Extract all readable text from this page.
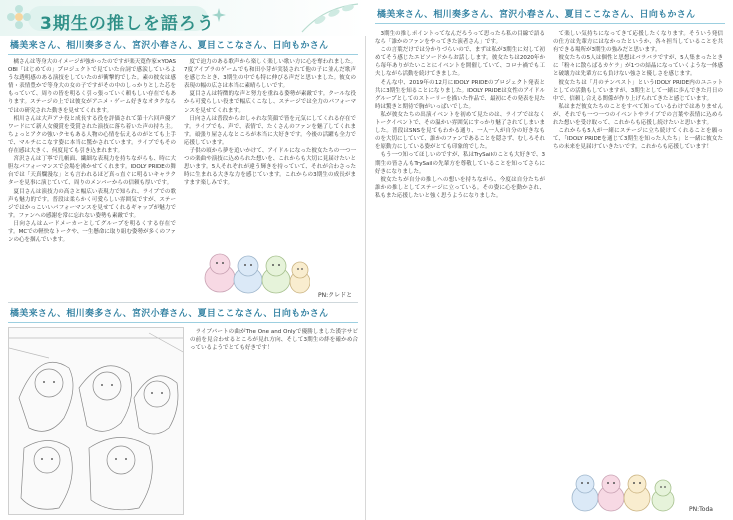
3期生の推しを語ろう
橘美来さん、相川奏多さん、宮沢小春さん、夏目ここなさん、日向もかさん

橘さんは等身大のイメージが強かったのですが楽天寛作家×YOASOBI「はじめての」プロジェクトで見ていた台詞で感涙していろような透明感のある演技をしていたのが衝撃的でした。素の彼女は感情・表情豊かで等身大の女の子ですがその中のしっかりとした芯をもっていて、周りの皆を明るく引っ張っていく頼もしい存在でもあります。ステージの上では彼女がアニメ・ゲーム好きなオタクならではの研究された動きを見せてくれます。

相川さんは大声アナ役と成長する役を評価されて第十六回声優アワードにて新人女優賞を受賞された演技に落ち着いた声の持ち主。ちょっとアクの強いクセもある人物の心情を伝えるのがとても上手で、マルチにこなす姿に本当に驚かされています。ライブでもその存在感は大きく、何度見ても引き込まれます。

宮沢さんは丁寧で几帳面、繊細な表現力を持ちながらも、時に大胆なパフォーマンスで会場を沸かせてくれます。IDOLY PRIDEの舞台では「天真爛漫な」とも言われるほど真っ直ぐに明るいキャラクターを見事に演じていて、周りのメンバーからの信頼も厚いです。

夏目さんは演技力の高さと幅広い表現力で知られ、ライブでの歌声も魅力的です。普段は柔らかく可愛らしい雰囲気ですが、ステージではかっこいいパフォーマンスを見せてくれるギャップが魅力です。ファンへの感謝を常に忘れない姿勢も素敵です。

日向さんはムードメーカーとしてグループを明るくする存在です。MCでの軽快なトークや、一生懸命に取り組む姿勢が多くのファンの心を掴んでいます。

度で迫力のある歌声から楽しく楽しい歌い方に心を奪われました。7度アイプラのゲームでも和田小芽が実装されて他の子に並んだ歌声を感じたとき、3期生の中でも特に伸びる声だと思いました。彼女の表現の幅の広さは本当に素晴らしいです。

夏目さんは特徴的な声と努力を重ねる姿勢が素敵です。クールな役から可愛らしい役まで幅広くこなし、ステージでは全力のパフォーマンスを見せてくれます。

日向さんは普段からおしゃれな笑顔で皆を元気にしてくれる存在です。ライブでも、声で、表情で、たくさんのファンを魅了してくれます。頑張り屋さんなところが本当に大好きです。今後の活躍も全力で応援しています。

子供の頃から夢を追いかけて、アイドルになった彼女たちの一つ一つの楽曲や演技に込められた想いを、これからも大切に見届けたいと思います。5人それぞれが違う輝きを持っていて、それが合わさった時に生まれる大きな力を感じています。これからの3期生の成長がますます楽しみです。

PN:クレドと
橘美来さん、相川奏多さん、宮沢小春さん、夏目ここなさん、日向もかさん

ライブパートの曲がThe One and Onlyで優勝しました漢字サビの前を見合わせるところが見れ方向、そして3期生の絆を確かめ合っているようでとても好きです！

橘美来さん、相川奏多さん、宮沢小春さん、夏目ここなさん、日向もかさん

3期生の推しポイントってなんだろうって思ったら私の目線で語るなら「誰かのファンをやってきた演者さん」です。

この言葉だけでは分かりづらいので、まずは私が3期生に対して初めてそう感じたエピソードからお話しします。彼女たちは2020年から毎年ありがたいことにイベントを開催していて、コロナ禍でも工夫しながら活動を続けてきました。

そんな中、2019年の12月にIDOLY PRIDEのプロジェクト発表と共に3期生を知ることになりました。IDOLY PRIDEは女性のアイドルグループとしてのストーリーを描いた作品で、最初にその発表を見た時は驚きと期待で胸がいっぱいでした。

私が彼女たちの出演イベントを初めて見たのは、ライブではなくトークイベントで、その温かい雰囲気にすっかり魅了されてしまいました。普段はSNSを見てもわかる通り、一人一人が自分の好きなものを大切にしていて、誰かのファンであることを隠さず、むしろそれを原動力にしている姿がとても印象的でした。

もう一つ知ってほしいのですが、私はTrySailのことも大好きで、3期生の皆さんもTrySailの先輩方を尊敬していることを知ってさらに好きになりました。

彼女たちが自分の推しへの想いを持ちながら、今度は自分たちが誰かの推しとしてステージに立っている。その姿に心を動かされ、私もまた応援したいと強く思うようになりました。

て楽しい気持ちになってきて応援したくなります。そういう発信の仕方は先輩方にはなかったというか、各々担当していることを共有できる場所が3期生の強みだと思います。

彼女たちの5人は個性と思想はバラバラですが、5人集まったときに「粉々に散らばるカケラ」が1つの結晶になっていくような一体感と破壊力は先輩方にも負けない強さと優しさを感じます。

彼女たちは「月のテンペスト」というIDOLY PRIDE内のユニットとしての活動もしていますが、3期生として一緒に歩んできた月日の中で、信頼し合える関係が作り上げられてきたと感じています。

私はまだ彼女たちのことをすべて知っているわけではありませんが、それでも一つ一つのイベントやライブでの言葉や表情に込められた想いを受け取って、これからも応援し続けたいと思います。

これからも5人が一緒にステージに立ち続けてくれることを願って、「IDOLY PRIDEを通じて3期生を知った人たち」と一緒に彼女たちの未来を見届けていきたいです。これからも応援しています！

PN:Toda
